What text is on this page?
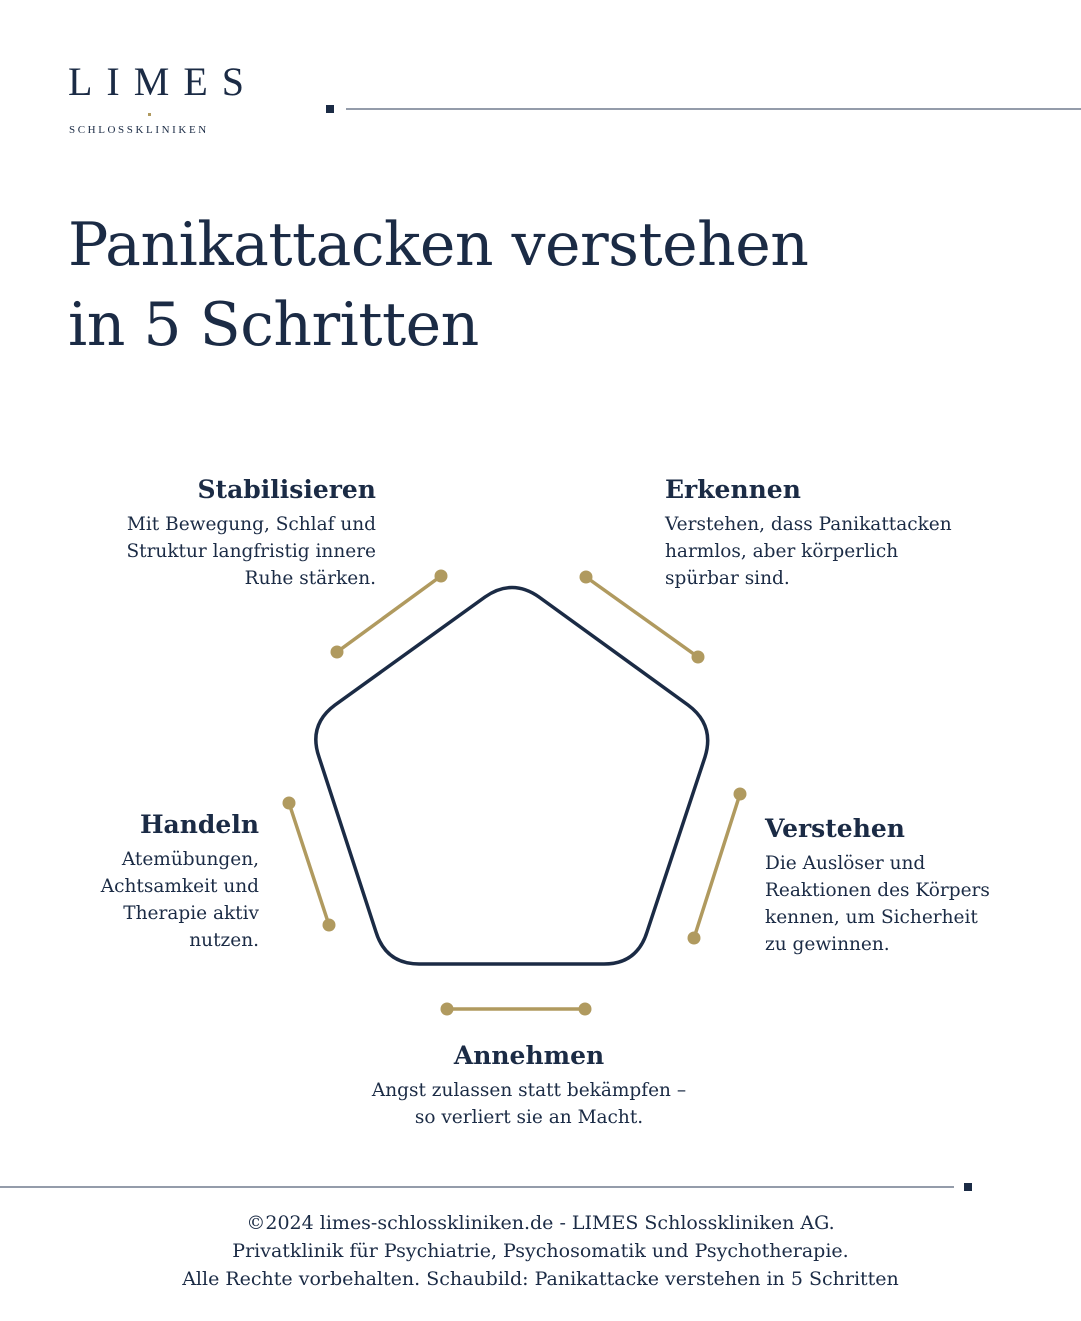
LIMES
SCHLOSSKLINIKEN
Panikattacken verstehen
in 5 Schritten
Stabilisieren
Mit Bewegung, Schlaf und
Struktur langfristig innere
Ruhe stärken.
Erkennen
Verstehen, dass Panikattacken
harmlos, aber körperlich
spürbar sind.
Verstehen
Die Auslöser und
Reaktionen des Körpers
kennen, um Sicherheit
zu gewinnen.
Handeln
Atemübungen,
Achtsamkeit und
Therapie aktiv
nutzen.
Annehmen
Angst zulassen statt bekämpfen –
so verliert sie an Macht.
©2024 limes-schlosskliniken.de - LIMES Schlosskliniken AG.
Privatklinik für Psychiatrie, Psychosomatik und Psychotherapie.
Alle Rechte vorbehalten. Schaubild: Panikattacke verstehen in 5 Schritten
